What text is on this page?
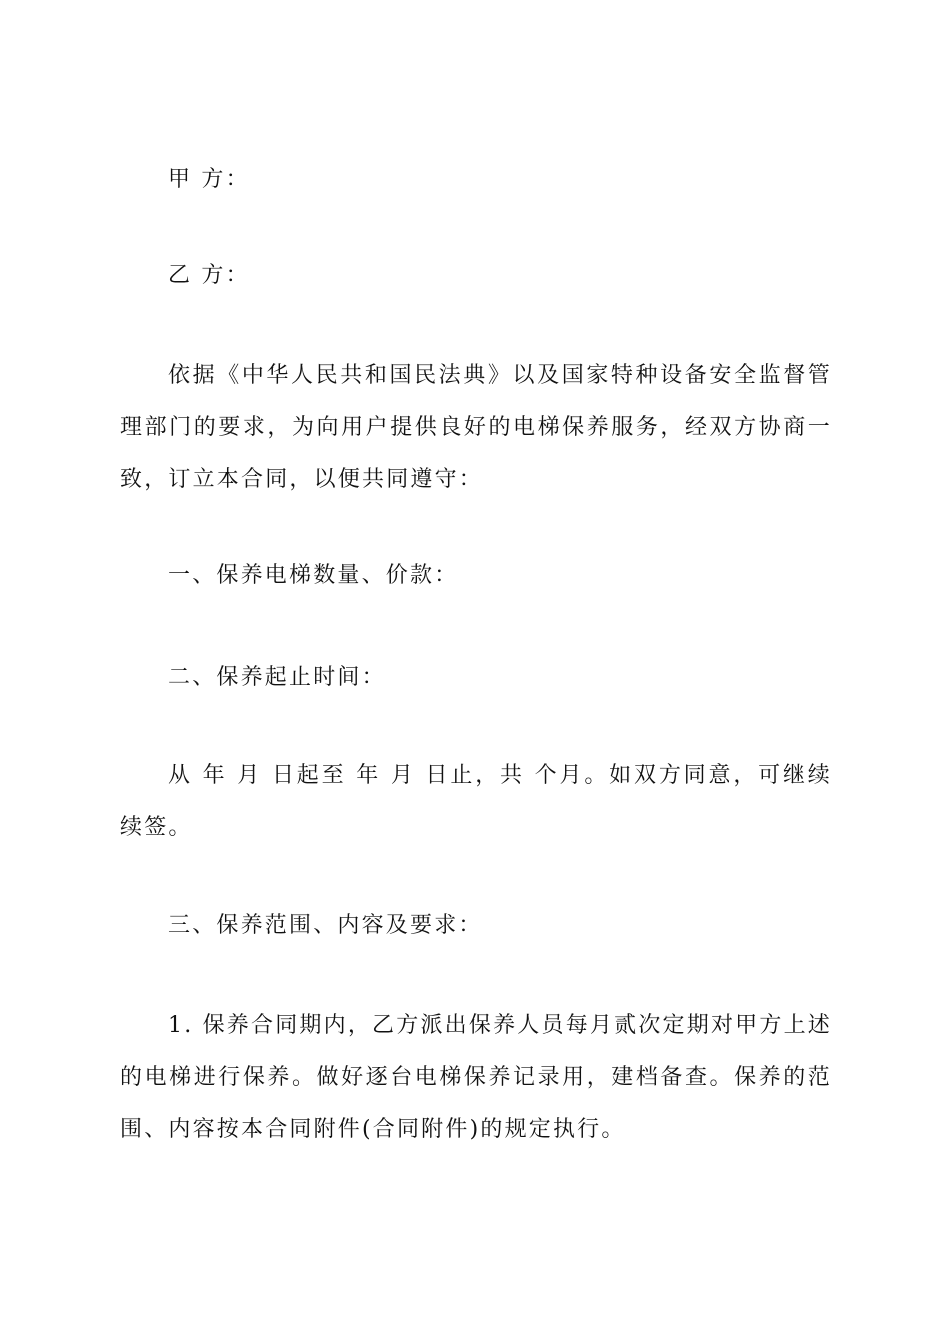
甲 方：

乙 方：

依据《中华人民共和国民法典》以及国家特种设备安全监督管理部门的要求，为向用户提供良好的电梯保养服务，经双方协商一致，订立本合同，以便共同遵守：

一、保养电梯数量、价款：

二、保养起止时间：

从 年 月 日起至 年 月 日止，共 个月。如双方同意，可继续续签。

三、保养范围、内容及要求：

1. 保养合同期内，乙方派出保养人员每月贰次定期对甲方上述的电梯进行保养。做好逐台电梯保养记录用，建档备查。保养的范围、内容按本合同附件(合同附件)的规定执行。
